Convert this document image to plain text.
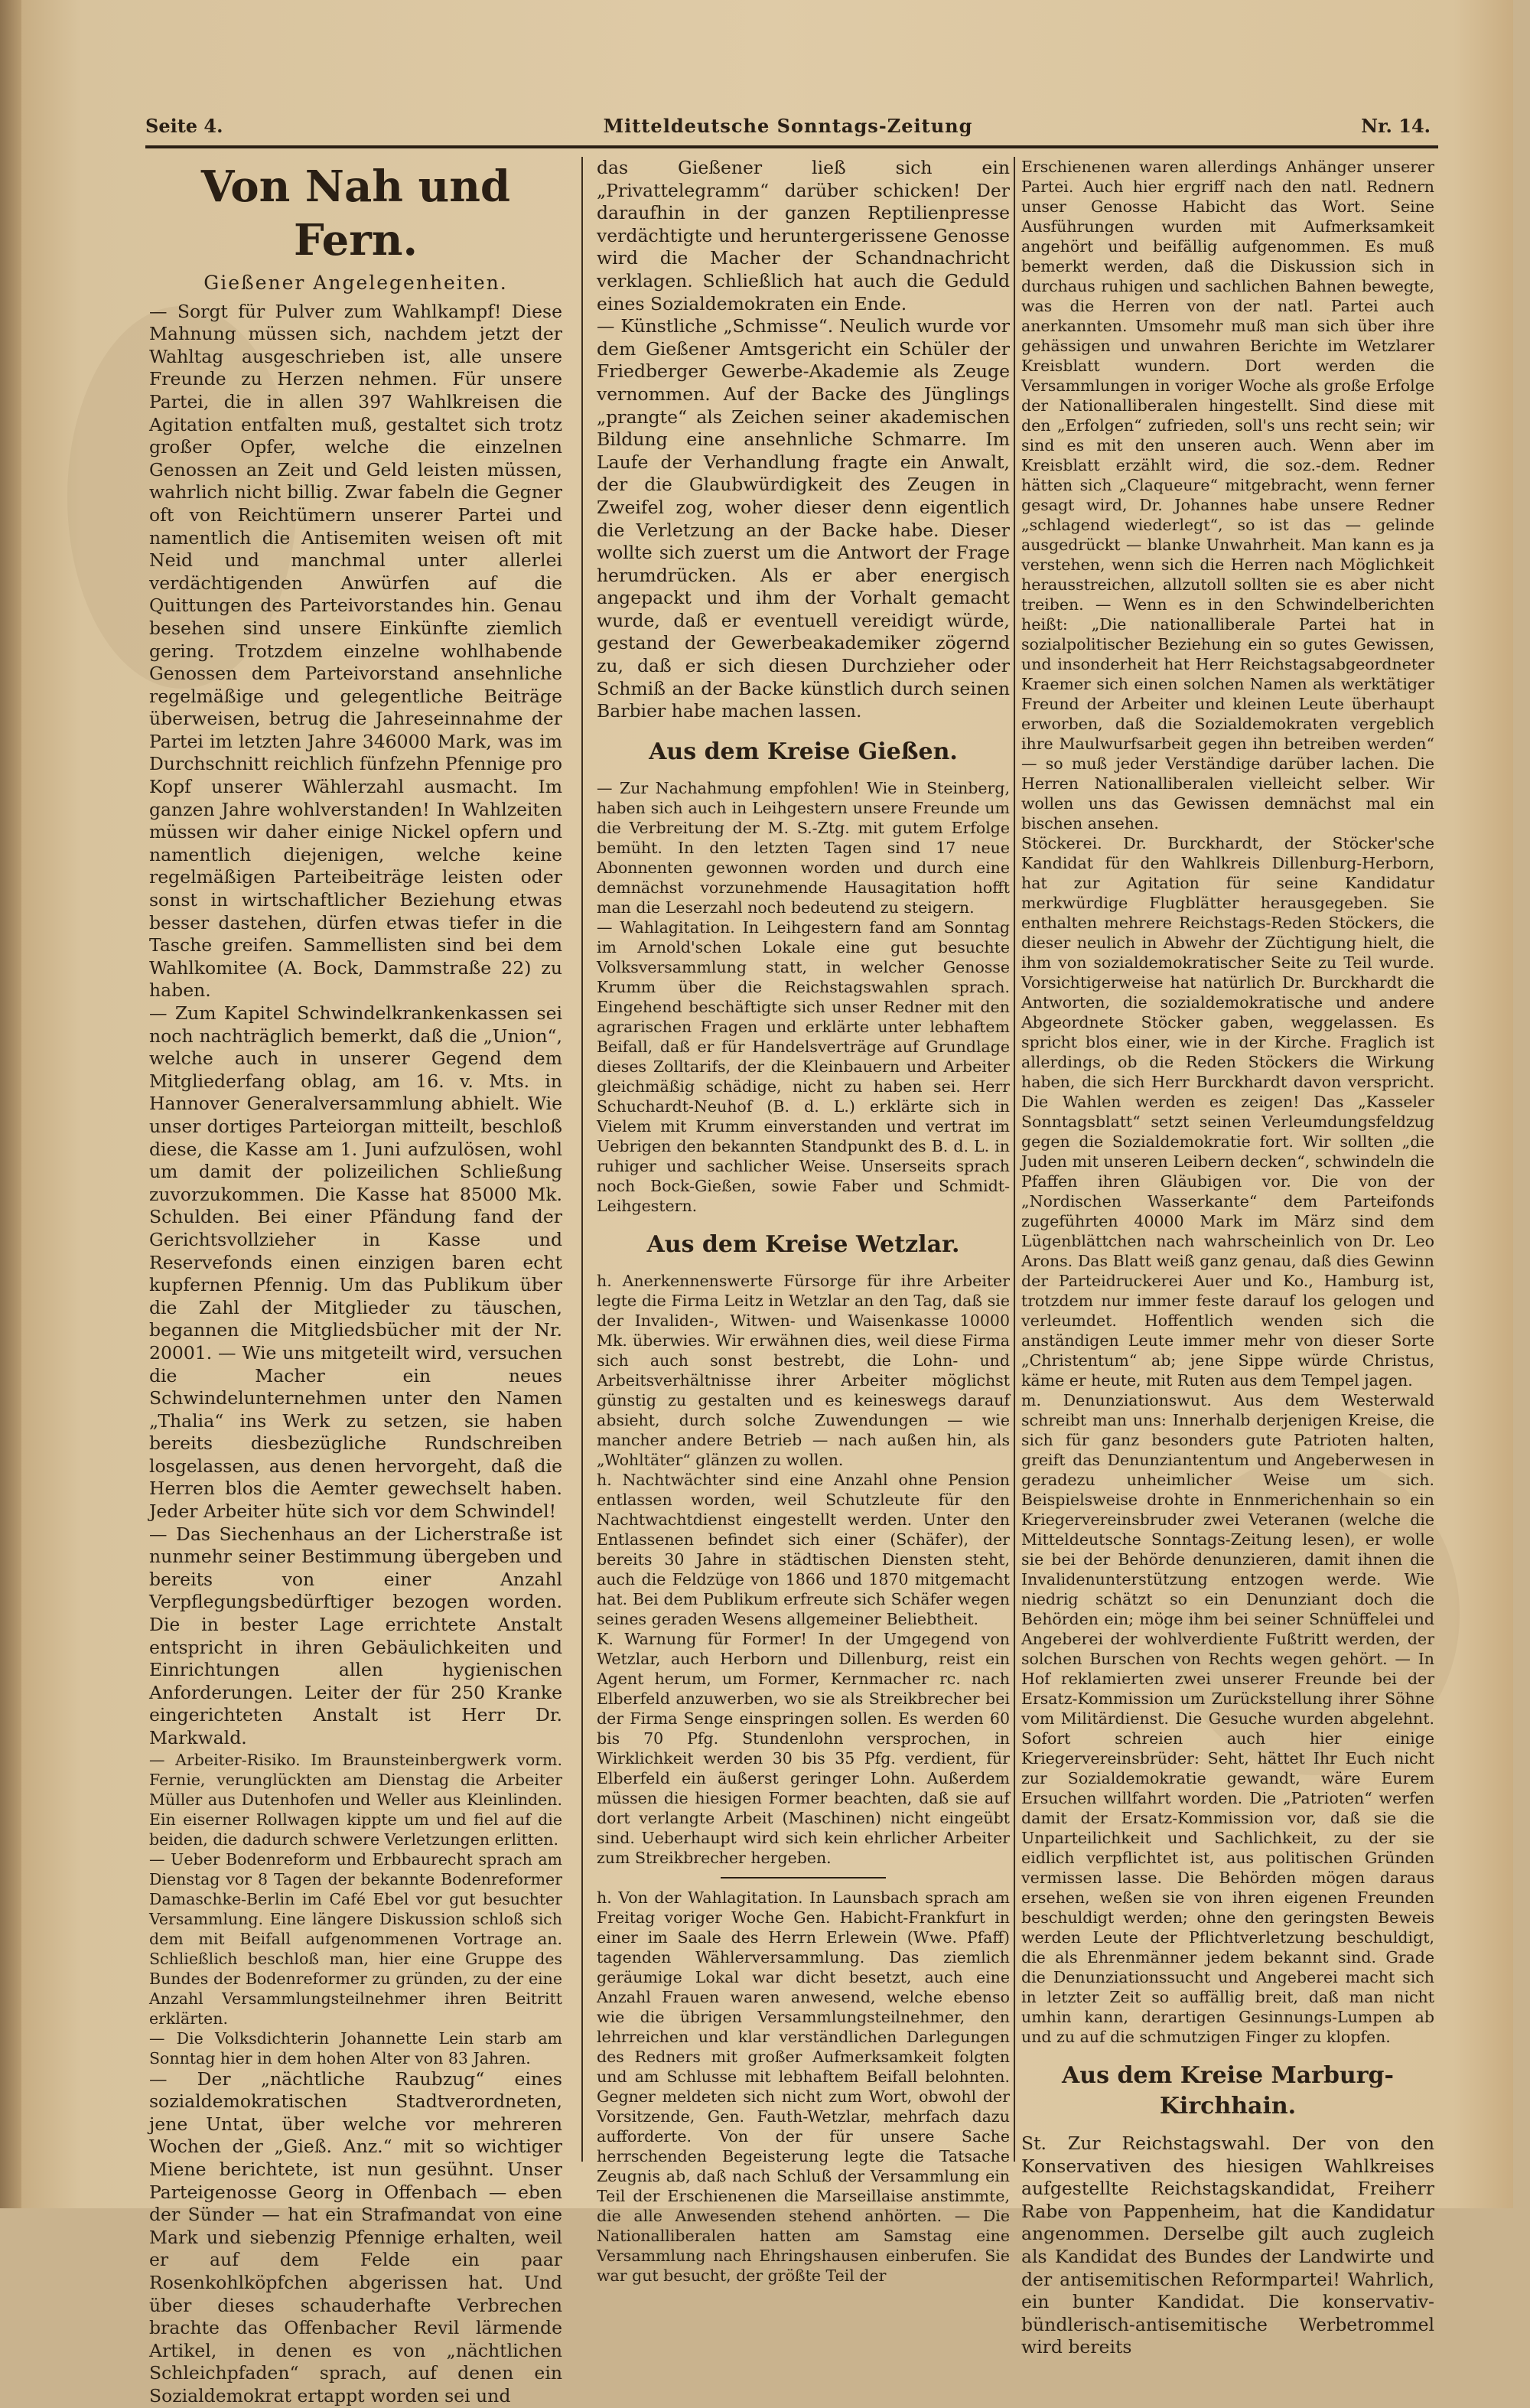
Mitteldeutsche Sonntags-Zeitung
Seite 4.	Nr. 14.
Von Nah und Fern.
Gießener Angelegenheiten.

— Sorgt für Pulver zum Wahlkampf! Diese Mahnung müssen sich, nachdem jetzt der Wahltag ausgeschrieben ist, alle unsere Freunde zu Herzen nehmen. Für unsere Partei, die in allen 397 Wahlkreisen die Agitation entfalten muß, gestaltet sich trotz großer Opfer, welche die einzelnen Genossen an Zeit und Geld leisten müssen, wahrlich nicht billig. Zwar fabeln die Gegner oft von Reichtümern unserer Partei und namentlich die Antisemiten weisen oft mit Neid und manchmal unter allerlei verdächtigenden Anwürfen auf die Quittungen des Parteivorstandes hin. Genau besehen sind unsere Einkünfte ziemlich gering. Trotzdem einzelne wohlhabende Genossen dem Parteivorstand ansehnliche regelmäßige und gelegentliche Beiträge überweisen, betrug die Jahreseinnahme der Partei im letzten Jahre 346000 Mark, was im Durchschnitt reichlich fünfzehn Pfennige pro Kopf unserer Wählerzahl ausmacht. Im ganzen Jahre wohlverstanden! In Wahlzeiten müssen wir daher einige Nickel opfern und namentlich diejenigen, welche keine regelmäßigen Parteibeiträge leisten oder sonst in wirtschaftlicher Beziehung etwas besser dastehen, dürfen etwas tiefer in die Tasche greifen. Sammellisten sind bei dem Wahlkomitee (A. Bock, Dammstraße 22) zu haben.

— Zum Kapitel Schwindelkrankenkassen sei noch nachträglich bemerkt, daß die „Union“, welche auch in unserer Gegend dem Mitgliederfang oblag, am 16. v. Mts. in Hannover Generalversammlung abhielt. Wie unser dortiges Parteiorgan mitteilt, beschloß diese, die Kasse am 1. Juni aufzulösen, wohl um damit der polizeilichen Schließung zuvorzukommen. Die Kasse hat 85000 Mk. Schulden. Bei einer Pfändung fand der Gerichtsvollzieher in Kasse und Reservefonds einen einzigen baren echt kupfernen Pfennig. Um das Publikum über die Zahl der Mitglieder zu täuschen, begannen die Mitgliedsbücher mit der Nr. 20001. — Wie uns mitgeteilt wird, versuchen die Macher ein neues Schwindelunternehmen unter den Namen „Thalia“ ins Werk zu setzen, sie haben bereits diesbezügliche Rundschreiben losgelassen, aus denen hervorgeht, daß die Herren blos die Aemter gewechselt haben. Jeder Arbeiter hüte sich vor dem Schwindel!

— Das Siechenhaus an der Licherstraße ist nunmehr seiner Bestimmung übergeben und bereits von einer Anzahl Verpflegungsbedürftiger bezogen worden. Die in bester Lage errichtete Anstalt entspricht in ihren Gebäulichkeiten und Einrichtungen allen hygienischen Anforderungen. Leiter der für 250 Kranke eingerichteten Anstalt ist Herr Dr. Markwald.

— Arbeiter-Risiko. Im Braunsteinbergwerk vorm. Fernie, verunglückten am Dienstag die Arbeiter Müller aus Dutenhofen und Weller aus Kleinlinden. Ein eiserner Rollwagen kippte um und fiel auf die beiden, die dadurch schwere Verletzungen erlitten.

— Ueber Bodenreform und Erbbaurecht sprach am Dienstag vor 8 Tagen der bekannte Bodenreformer Damaschke-Berlin im Café Ebel vor gut besuchter Versammlung. Eine längere Diskussion schloß sich dem mit Beifall aufgenommenen Vortrage an. Schließlich beschloß man, hier eine Gruppe des Bundes der Bodenreformer zu gründen, zu der eine Anzahl Versammlungsteilnehmer ihren Beitritt erklärten.

— Die Volksdichterin Johannette Lein starb am Sonntag hier in dem hohen Alter von 83 Jahren.

— Der „nächtliche Raubzug“ eines sozialdemokratischen Stadtverordneten, jene Untat, über welche vor mehreren Wochen der „Gieß. Anz.“ mit so wichtiger Miene berichtete, ist nun gesühnt. Unser Parteigenosse Georg in Offenbach — eben der Sünder — hat ein Strafmandat von eine Mark und siebenzig Pfennige erhalten, weil er auf dem Felde ein paar Rosenkohlköpfchen abgerissen hat. Und über dieses schauderhafte Verbrechen brachte das Offenbacher Revil lärmende Artikel, in denen es von „nächtlichen Schleichpfaden“ sprach, auf denen ein Sozialdemokrat ertappt worden sei und

das Gießener ließ sich ein „Privattelegramm“ darüber schicken! Der daraufhin in der ganzen Reptilienpresse verdächtigte und heruntergerissene Genosse wird die Macher der Schandnachricht verklagen. Schließlich hat auch die Geduld eines Sozialdemokraten ein Ende.

— Künstliche „Schmisse“. Neulich wurde vor dem Gießener Amtsgericht ein Schüler der Friedberger Gewerbe-Akademie als Zeuge vernommen. Auf der Backe des Jünglings „prangte“ als Zeichen seiner akademischen Bildung eine ansehnliche Schmarre. Im Laufe der Verhandlung fragte ein Anwalt, der die Glaubwürdigkeit des Zeugen in Zweifel zog, woher dieser denn eigentlich die Verletzung an der Backe habe. Dieser wollte sich zuerst um die Antwort der Frage herumdrücken. Als er aber energisch angepackt und ihm der Vorhalt gemacht wurde, daß er eventuell vereidigt würde, gestand der Gewerbeakademiker zögernd zu, daß er sich diesen Durchzieher oder Schmiß an der Backe künstlich durch seinen Barbier habe machen lassen.

Aus dem Kreise Gießen.

— Zur Nachahmung empfohlen! Wie in Steinberg, haben sich auch in Leihgestern unsere Freunde um die Verbreitung der M. S.-Ztg. mit gutem Erfolge bemüht. In den letzten Tagen sind 17 neue Abonnenten gewonnen worden und durch eine demnächst vorzunehmende Hausagitation hofft man die Leserzahl noch bedeutend zu steigern.

— Wahlagitation. In Leihgestern fand am Sonntag im Arnold'schen Lokale eine gut besuchte Volksversammlung statt, in welcher Genosse Krumm über die Reichstagswahlen sprach. Eingehend beschäftigte sich unser Redner mit den agrarischen Fragen und erklärte unter lebhaftem Beifall, daß er für Handelsverträge auf Grundlage dieses Zolltarifs, der die Kleinbauern und Arbeiter gleichmäßig schädige, nicht zu haben sei. Herr Schuchardt-Neuhof (B. d. L.) erklärte sich in Vielem mit Krumm einverstanden und vertrat im Uebrigen den bekannten Standpunkt des B. d. L. in ruhiger und sachlicher Weise. Unserseits sprach noch Bock-Gießen, sowie Faber und Schmidt-Leihgestern.

Aus dem Kreise Wetzlar.

h. Anerkennenswerte Fürsorge für ihre Arbeiter legte die Firma Leitz in Wetzlar an den Tag, daß sie der Invaliden-, Witwen- und Waisenkasse 10000 Mk. überwies. Wir erwähnen dies, weil diese Firma sich auch sonst bestrebt, die Lohn- und Arbeitsverhältnisse ihrer Arbeiter möglichst günstig zu gestalten und es keineswegs darauf absieht, durch solche Zuwendungen — wie mancher andere Betrieb — nach außen hin, als „Wohltäter“ glänzen zu wollen.

h. Nachtwächter sind eine Anzahl ohne Pension entlassen worden, weil Schutzleute für den Nachtwachtdienst eingestellt werden. Unter den Entlassenen befindet sich einer (Schäfer), der bereits 30 Jahre in städtischen Diensten steht, auch die Feldzüge von 1866 und 1870 mitgemacht hat. Bei dem Publikum erfreute sich Schäfer wegen seines geraden Wesens allgemeiner Beliebtheit.

K. Warnung für Former! In der Umgegend von Wetzlar, auch Herborn und Dillenburg, reist ein Agent herum, um Former, Kernmacher rc. nach Elberfeld anzuwerben, wo sie als Streikbrecher bei der Firma Senge einspringen sollen. Es werden 60 bis 70 Pfg. Stundenlohn versprochen, in Wirklichkeit werden 30 bis 35 Pfg. verdient, für Elberfeld ein äußerst geringer Lohn. Außerdem müssen die hiesigen Former beachten, daß sie auf dort verlangte Arbeit (Maschinen) nicht eingeübt sind. Ueberhaupt wird sich kein ehrlicher Arbeiter zum Streikbrecher hergeben.

h. Von der Wahlagitation. In Launsbach sprach am Freitag voriger Woche Gen. Habicht-Frankfurt in einer im Saale des Herrn Erlewein (Wwe. Pfaff) tagenden Wählerversammlung. Das ziemlich geräumige Lokal war dicht besetzt, auch eine Anzahl Frauen waren anwesend, welche ebenso wie die übrigen Versammlungsteilnehmer, den lehrreichen und klar verständlichen Darlegungen des Redners mit großer Aufmerksamkeit folgten und am Schlusse mit lebhaftem Beifall belohnten. Gegner meldeten sich nicht zum Wort, obwohl der Vorsitzende, Gen. Fauth-Wetzlar, mehrfach dazu aufforderte. Von der für unsere Sache herrschenden Begeisterung legte die Tatsache Zeugnis ab, daß nach Schluß der Versammlung ein Teil der Erschienenen die Marseillaise anstimmte, die alle Anwesenden stehend anhörten. — Die Nationalliberalen hatten am Samstag eine Versammlung nach Ehringshausen einberufen. Sie war gut besucht, der größte Teil der

Erschienenen waren allerdings Anhänger unserer Partei. Auch hier ergriff nach den natl. Rednern unser Genosse Habicht das Wort. Seine Ausführungen wurden mit Aufmerksamkeit angehört und beifällig aufgenommen. Es muß bemerkt werden, daß die Diskussion sich in durchaus ruhigen und sachlichen Bahnen bewegte, was die Herren von der natl. Partei auch anerkannten. Umsomehr muß man sich über ihre gehässigen und unwahren Berichte im Wetzlarer Kreisblatt wundern. Dort werden die Versammlungen in voriger Woche als große Erfolge der Nationalliberalen hingestellt. Sind diese mit den „Erfolgen“ zufrieden, soll's uns recht sein; wir sind es mit den unseren auch. Wenn aber im Kreisblatt erzählt wird, die soz.-dem. Redner hätten sich „Claqueure“ mitgebracht, wenn ferner gesagt wird, Dr. Johannes habe unsere Redner „schlagend wiederlegt“, so ist das — gelinde ausgedrückt — blanke Unwahrheit. Man kann es ja verstehen, wenn sich die Herren nach Möglichkeit herausstreichen, allzutoll sollten sie es aber nicht treiben. — Wenn es in den Schwindelberichten heißt: „Die nationalliberale Partei hat in sozialpolitischer Beziehung ein so gutes Gewissen, und insonderheit hat Herr Reichstagsabgeordneter Kraemer sich einen solchen Namen als werktätiger Freund der Arbeiter und kleinen Leute überhaupt erworben, daß die Sozialdemokraten vergeblich ihre Maulwurfsarbeit gegen ihn betreiben werden“ — so muß jeder Verständige darüber lachen. Die Herren Nationalliberalen vielleicht selber. Wir wollen uns das Gewissen demnächst mal ein bischen ansehen.

Stöckerei. Dr. Burckhardt, der Stöcker'sche Kandidat für den Wahlkreis Dillenburg-Herborn, hat zur Agitation für seine Kandidatur merkwürdige Flugblätter herausgegeben. Sie enthalten mehrere Reichstags-Reden Stöckers, die dieser neulich in Abwehr der Züchtigung hielt, die ihm von sozialdemokratischer Seite zu Teil wurde. Vorsichtigerweise hat natürlich Dr. Burckhardt die Antworten, die sozialdemokratische und andere Abgeordnete Stöcker gaben, weggelassen. Es spricht blos einer, wie in der Kirche. Fraglich ist allerdings, ob die Reden Stöckers die Wirkung haben, die sich Herr Burckhardt davon verspricht. Die Wahlen werden es zeigen! Das „Kasseler Sonntagsblatt“ setzt seinen Verleumdungsfeldzug gegen die Sozialdemokratie fort. Wir sollten „die Juden mit unseren Leibern decken“, schwindeln die Pfaffen ihren Gläubigen vor. Die von der „Nordischen Wasserkante“ dem Parteifonds zugeführten 40000 Mark im März sind dem Lügenblättchen nach wahrscheinlich von Dr. Leo Arons. Das Blatt weiß ganz genau, daß dies Gewinn der Parteidruckerei Auer und Ko., Hamburg ist, trotzdem nur immer feste darauf los gelogen und verleumdet. Hoffentlich wenden sich die anständigen Leute immer mehr von dieser Sorte „Christentum“ ab; jene Sippe würde Christus, käme er heute, mit Ruten aus dem Tempel jagen.

m. Denunziationswut. Aus dem Westerwald schreibt man uns: Innerhalb derjenigen Kreise, die sich für ganz besonders gute Patrioten halten, greift das Denunziantentum und Angeberwesen in geradezu unheimlicher Weise um sich. Beispielsweise drohte in Ennmerichenhain so ein Kriegervereinsbruder zwei Veteranen (welche die Mitteldeutsche Sonntags-Zeitung lesen), er wolle sie bei der Behörde denunzieren, damit ihnen die Invalidenunterstützung entzogen werde. Wie niedrig schätzt so ein Denunziant doch die Behörden ein; möge ihm bei seiner Schnüffelei und Angeberei der wohlverdiente Fußtritt werden, der solchen Burschen von Rechts wegen gehört. — In Hof reklamierten zwei unserer Freunde bei der Ersatz-Kommission um Zurückstellung ihrer Söhne vom Militärdienst. Die Gesuche wurden abgelehnt. Sofort schreien auch hier einige Kriegervereinsbrüder: Seht, hättet Ihr Euch nicht zur Sozialdemokratie gewandt, wäre Eurem Ersuchen willfahrt worden. Die „Patrioten“ werfen damit der Ersatz-Kommission vor, daß sie die Unparteilichkeit und Sachlichkeit, zu der sie eidlich verpflichtet ist, aus politischen Gründen vermissen lasse. Die Behörden mögen daraus ersehen, weßen sie von ihren eigenen Freunden beschuldigt werden; ohne den geringsten Beweis werden Leute der Pflichtverletzung beschuldigt, die als Ehrenmänner jedem bekannt sind. Grade die Denunziationssucht und Angeberei macht sich in letzter Zeit so auffällig breit, daß man nicht umhin kann, derartigen Gesinnungs-Lumpen ab und zu auf die schmutzigen Finger zu klopfen.

Aus dem Kreise Marburg-Kirchhain.

St. Zur Reichstagswahl. Der von den Konservativen des hiesigen Wahlkreises aufgestellte Reichstagskandidat, Freiherr Rabe von Pappenheim, hat die Kandidatur angenommen. Derselbe gilt auch zugleich als Kandidat des Bundes der Landwirte und der antisemitischen Reformpartei! Wahrlich, ein bunter Kandidat. Die konservativ-bündlerisch-antisemitische Werbetrommel wird bereits
